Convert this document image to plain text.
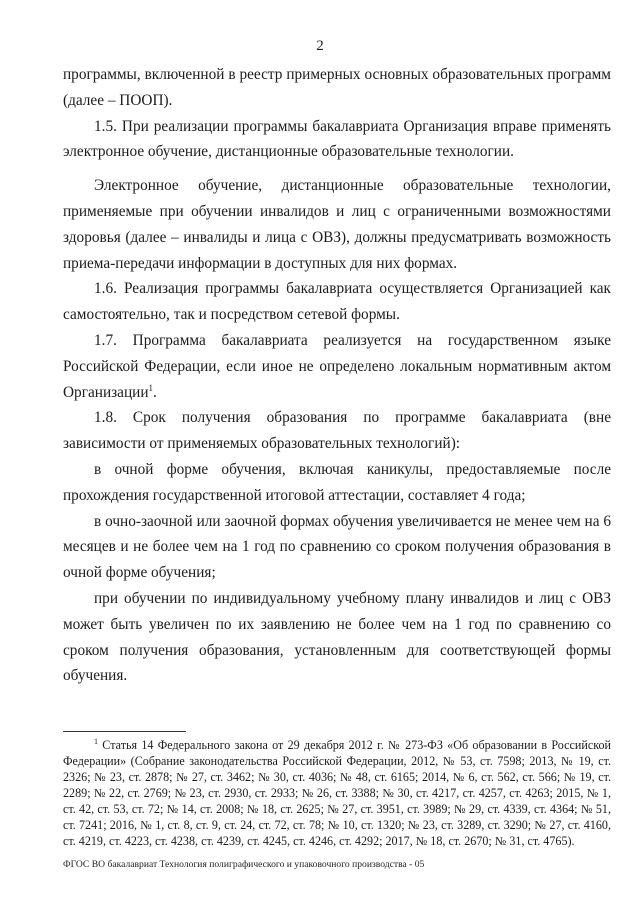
2

программы, включенной в реестр примерных основных образовательных программ (далее – ПООП).

1.5. При реализации программы бакалавриата Организация вправе применять электронное обучение, дистанционные образовательные технологии.

Электронное обучение, дистанционные образовательные технологии, применяемые при обучении инвалидов и лиц с ограниченными возможностями здоровья (далее – инвалиды и лица с ОВЗ), должны предусматривать возможность приема-передачи информации в доступных для них формах.

1.6. Реализация программы бакалавриата осуществляется Организацией как самостоятельно, так и посредством сетевой формы.

1.7. Программа бакалавриата реализуется на государственном языке Российской Федерации, если иное не определено локальным нормативным актом Организации$^1$.

1.8. Срок получения образования по программе бакалавриата (вне зависимости от применяемых образовательных технологий):

в очной форме обучения, включая каникулы, предоставляемые после прохождения государственной итоговой аттестации, составляет 4 года;

в очно-заочной или заочной формах обучения увеличивается не менее чем на 6 месяцев и не более чем на 1 год по сравнению со сроком получения образования в очной форме обучения;

при обучении по индивидуальному учебному плану инвалидов и лиц с ОВЗ может быть увеличен по их заявлению не более чем на 1 год по сравнению со сроком получения образования, установленным для соответствующей формы обучения.

$^1$ Статья 14 Федерального закона от 29 декабря 2012 г. № 273-ФЗ «Об образовании в Российской Федерации» (Собрание законодательства Российской Федерации, 2012, № 53, ст. 7598; 2013, № 19, ст. 2326; № 23, ст. 2878; № 27, ст. 3462; № 30, ст. 4036; № 48, ст. 6165; 2014, № 6, ст. 562, ст. 566; № 19, ст. 2289; № 22, ст. 2769; № 23, ст. 2930, ст. 2933; № 26, ст. 3388; № 30, ст. 4217, ст. 4257, ст. 4263; 2015, № 1, ст. 42, ст. 53, ст. 72; № 14, ст. 2008; № 18, ст. 2625; № 27, ст. 3951, ст. 3989; № 29, ст. 4339, ст. 4364; № 51, ст. 7241; 2016, № 1, ст. 8, ст. 9, ст. 24, ст. 72, ст. 78; № 10, ст. 1320; № 23, ст. 3289, ст. 3290; № 27, ст. 4160, ст. 4219, ст. 4223, ст. 4238, ст. 4239, ст. 4245, ст. 4246, ст. 4292; 2017, № 18, ст. 2670; № 31, ст. 4765).
ФГОС ВО бакалавриат Технология полиграфического и упаковочного производства - 05
